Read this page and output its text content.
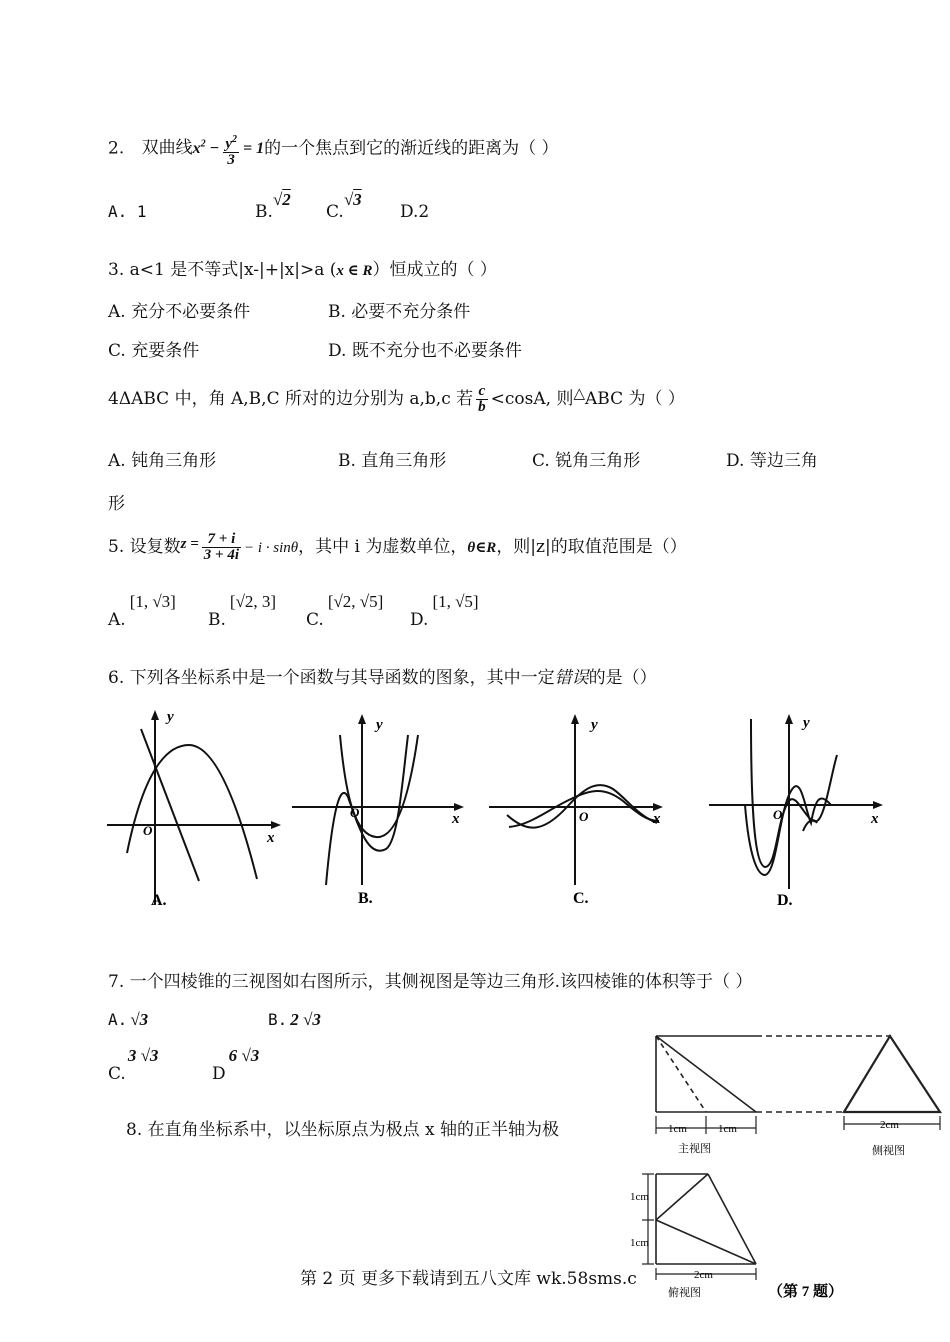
2. 双曲线$x^2 - \frac{y^2}{3} = 1$的一个焦点到它的渐近线的距离为（ ）
A. 1	B.√2
C.√3
D.2
3. a<1 是不等式|x-|+|x|>a (x ∈ R）恒成立的（ ）
A. 充分不必要条件	B. 必要不充分条件
C. 充要条件	D. 既不充分也不必要条件
4ΔABC 中，角 A,B,C 所对的边分别为 a,b,c 若 $\frac{c}{b} <\cos A$, 则△ABC 为（ ）
A. 钝角三角形	B. 直角三角形	C. 锐角三角形	D. 等边三角
形
5. 设复数$z = \frac{7 + i}{3 + 4i} - i \cdot \sin\theta$，其中 i 为虚数单位，θ∈R，则|z|的取值范围是（）
A.[1, √3]
B.[√2, 3]
C.[√2, √5]
D.[1, √5]
6. 下列各坐标系中是一个函数与其导函数的图象，其中一定错误的是（）
y
x
O
A.
y
x
O
B.
y
x
O
C.
y
x
O
D.
7. 一个四棱锥的三视图如右图所示，其侧视图是等边三角形.该四棱锥的体积等于（ ）
A. √3	B. 2 √3
C.3 √3
D6 √3
8. 在直角坐标系中，以坐标原点为极点 x 轴的正半轴为极	1cm	1cm
主视图
2cm
侧视图
1cm
1cm
2cm
俯视图	（第 7 题）
第 2 页 更多下载请到五八文库 wk.58sms.c
